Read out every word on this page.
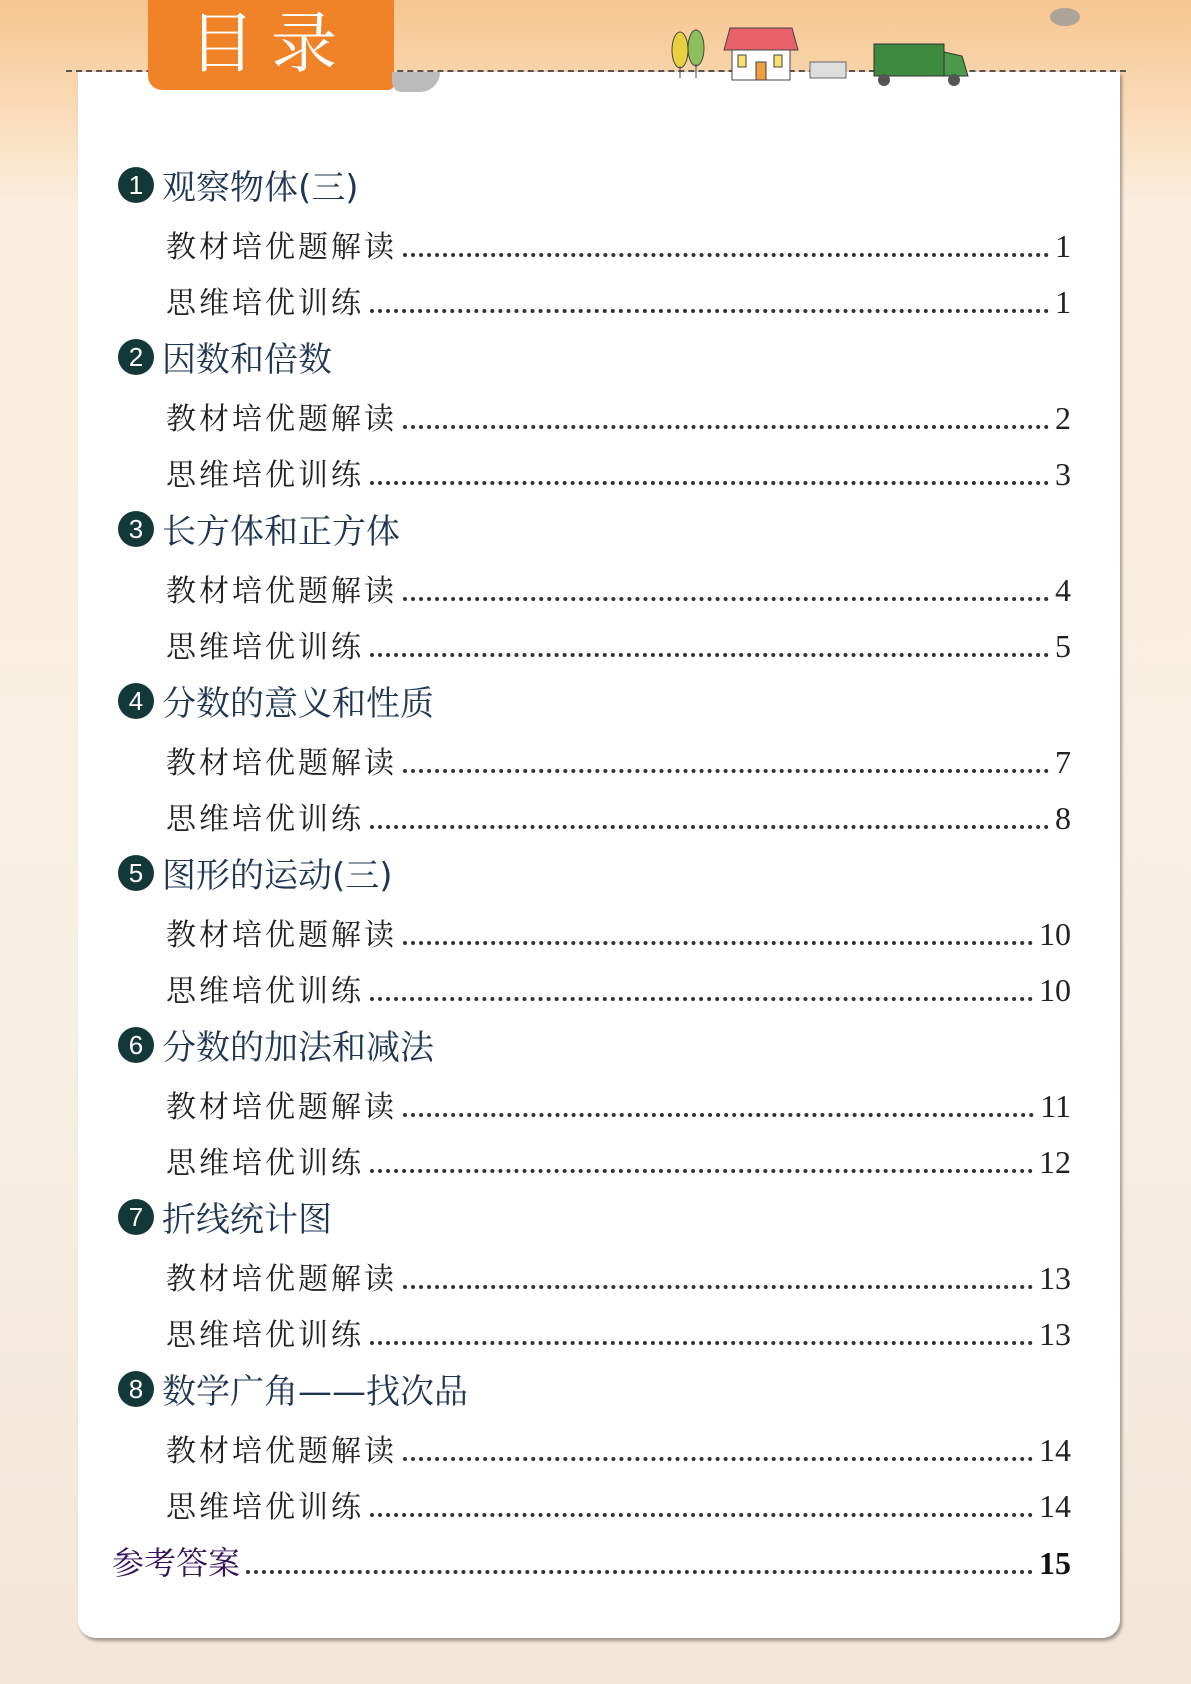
目录
1 观察物体(三)
教材培优题解读	1
思维培优训练	1
2 因数和倍数
教材培优题解读	2
思维培优训练	3
3 长方体和正方体
教材培优题解读	4
思维培优训练	5
4 分数的意义和性质
教材培优题解读	7
思维培优训练	8
5 图形的运动(三)
教材培优题解读	10
思维培优训练	10
6 分数的加法和减法
教材培优题解读	11
思维培优训练	12
7 折线统计图
教材培优题解读	13
思维培优训练	13
8 数学广角——找次品
教材培优题解读	14
思维培优训练	14
参考答案	15
